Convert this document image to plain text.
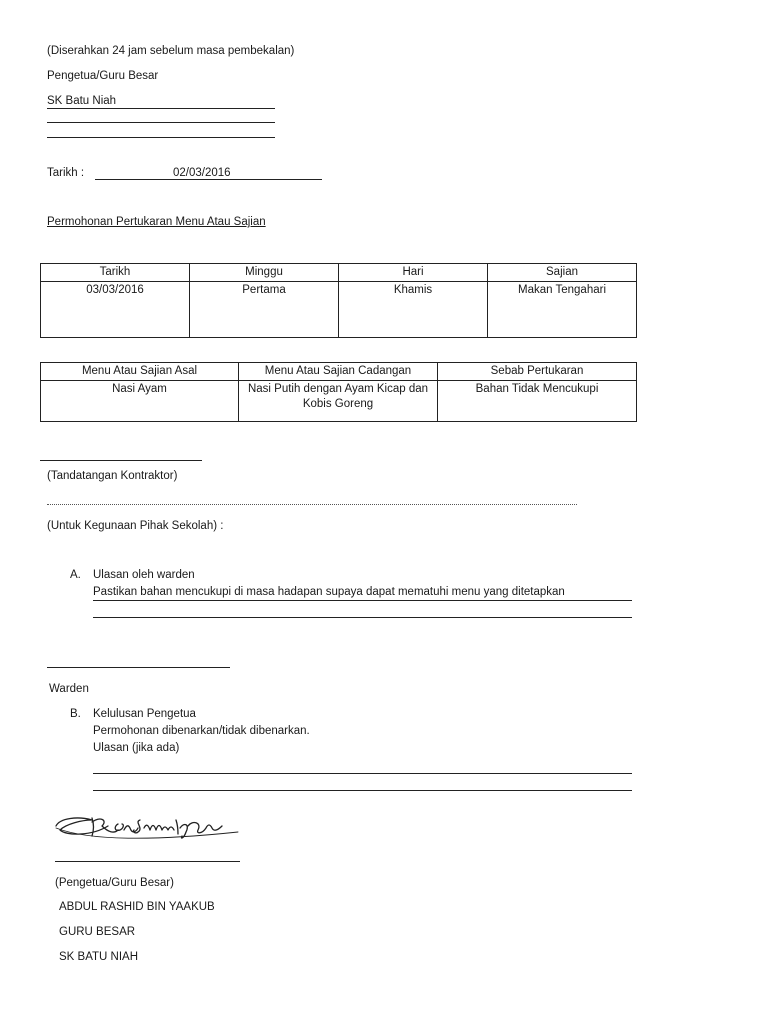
(Diserahkan 24 jam sebelum masa pembekalan)
Pengetua/Guru Besar
SK Batu Niah
Tarikh :	02/03/2016
Permohonan Pertukaran Menu Atau Sajian
Tarikh	Minggu	Hari	Sajian
03/03/2016	Pertama	Khamis	Makan Tengahari
Menu Atau Sajian Asal	Menu Atau Sajian Cadangan	Sebab Pertukaran
Nasi Ayam	Nasi Putih dengan Ayam Kicap dan Kobis Goreng	Bahan Tidak Mencukupi
(Tandatangan Kontraktor)
(Untuk Kegunaan Pihak Sekolah) :
A. Ulasan oleh warden
Pastikan bahan mencukupi di masa hadapan supaya dapat mematuhi menu yang ditetapkan
Warden
B. Kelulusan Pengetua
Permohonan dibenarkan/tidak dibenarkan.
Ulasan (jika ada)
(Pengetua/Guru Besar)
ABDUL RASHID BIN YAAKUB
GURU BESAR
SK BATU NIAH
